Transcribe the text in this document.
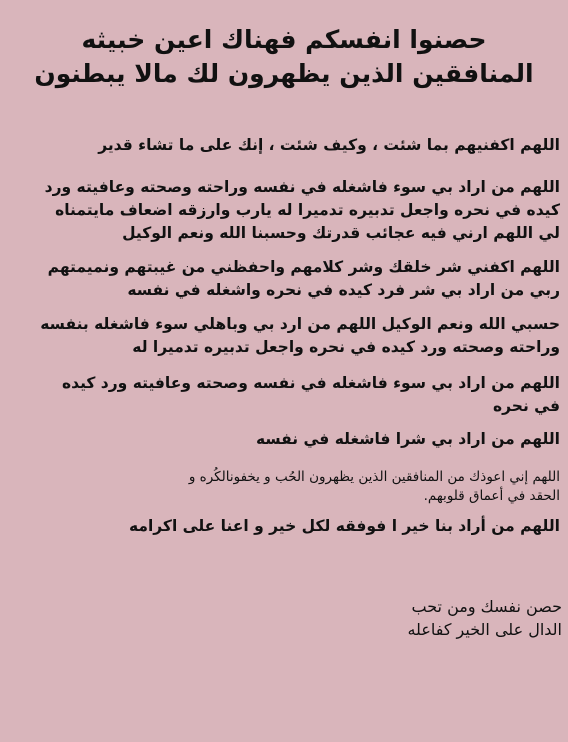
حصنوا انفسكم فهناك اعين خبيثه
المنافقين الذين يظهرون لك مالا يبطنون
اللهم اكفنيهم بما شئت ، وكيف شئت ، إنك على ما تشاء قدير
اللهم من اراد بي سوء فاشغله في نفسه وراحته وصحته وعافيته ورد
كيده في نحره واجعل تدبيره تدميرا له يارب وارزقه اضعاف مايتمناه
لي اللهم ارني فيه عجائب قدرتك وحسبنا الله ونعم الوكيل
اللهم اكفني شر خلقك وشر كلامهم واحفظني من غيبتهم ونميمتهم
ربي من اراد بي شر فرد كيده في نحره واشغله في نفسه
حسبي الله ونعم الوكيل اللهم من ارد بي وباهلي سوء فاشغله بنفسه
وراحته وصحته ورد كيده في نحره واجعل تدبيره تدميرا له
اللهم من اراد بي سوء فاشغله في نفسه وصحته وعافيته ورد كيده
في نحره
اللهم من اراد بي شرا فاشغله في نفسه
اللهم إني اعوذك من المنافقين الذين يظهرون الحُب و يخفونالكُره و
الحقد في أعماق قلوبهم.
اللهم من أراد بنا خير ا فوفقه لكل خير و اعنا على اكرامه
حصن نفسك ومن تحب
الدال على الخير كفاعله
